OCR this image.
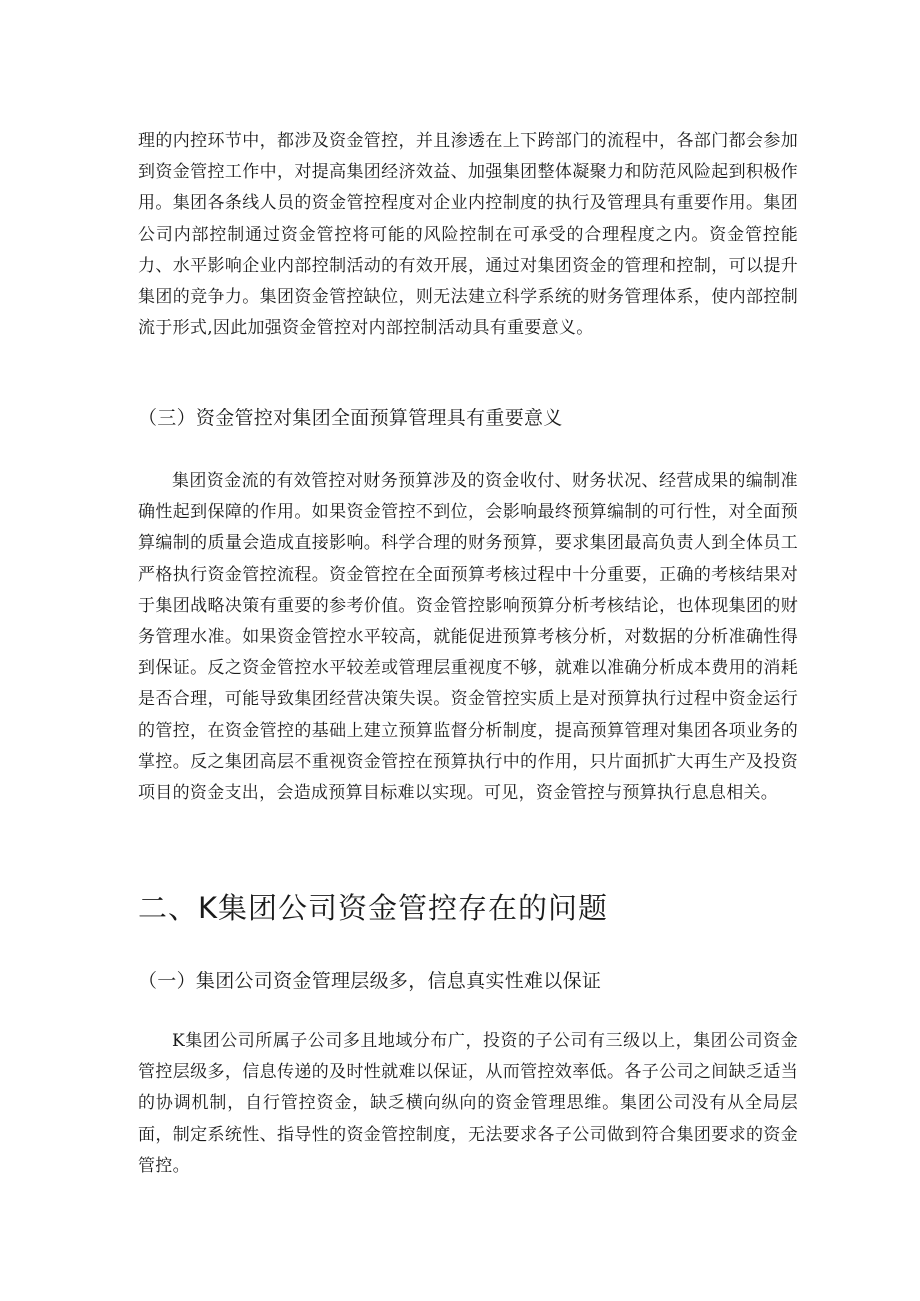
理的内控环节中，都涉及资金管控，并且渗透在上下跨部门的流程中，各部门都会参加到资金管控工作中，对提高集团经济效益、加强集团整体凝聚力和防范风险起到积极作用。集团各条线人员的资金管控程度对企业内控制度的执行及管理具有重要作用。集团公司内部控制通过资金管控将可能的风险控制在可承受的合理程度之内。资金管控能力、水平影响企业内部控制活动的有效开展，通过对集团资金的管理和控制，可以提升集团的竞争力。集团资金管控缺位，则无法建立科学系统的财务管理体系，使内部控制流于形式,因此加强资金管控对内部控制活动具有重要意义。

（三）资金管控对集团全面预算管理具有重要意义

集团资金流的有效管控对财务预算涉及的资金收付、财务状况、经营成果的编制准确性起到保障的作用。如果资金管控不到位，会影响最终预算编制的可行性，对全面预算编制的质量会造成直接影响。科学合理的财务预算，要求集团最高负责人到全体员工严格执行资金管控流程。资金管控在全面预算考核过程中十分重要，正确的考核结果对于集团战略决策有重要的参考价值。资金管控影响预算分析考核结论，也体现集团的财务管理水准。如果资金管控水平较高，就能促进预算考核分析，对数据的分析准确性得到保证。反之资金管控水平较差或管理层重视度不够，就难以准确分析成本费用的消耗是否合理，可能导致集团经营决策失误。资金管控实质上是对预算执行过程中资金运行的管控，在资金管控的基础上建立预算监督分析制度，提高预算管理对集团各项业务的掌控。反之集团高层不重视资金管控在预算执行中的作用，只片面抓扩大再生产及投资项目的资金支出，会造成预算目标难以实现。可见，资金管控与预算执行息息相关。

二、K集团公司资金管控存在的问题
（一）集团公司资金管理层级多，信息真实性难以保证

K集团公司所属子公司多且地域分布广，投资的子公司有三级以上，集团公司资金管控层级多，信息传递的及时性就难以保证，从而管控效率低。各子公司之间缺乏适当的协调机制，自行管控资金，缺乏横向纵向的资金管理思维。集团公司没有从全局层面，制定系统性、指导性的资金管控制度，无法要求各子公司做到符合集团要求的资金管控。
